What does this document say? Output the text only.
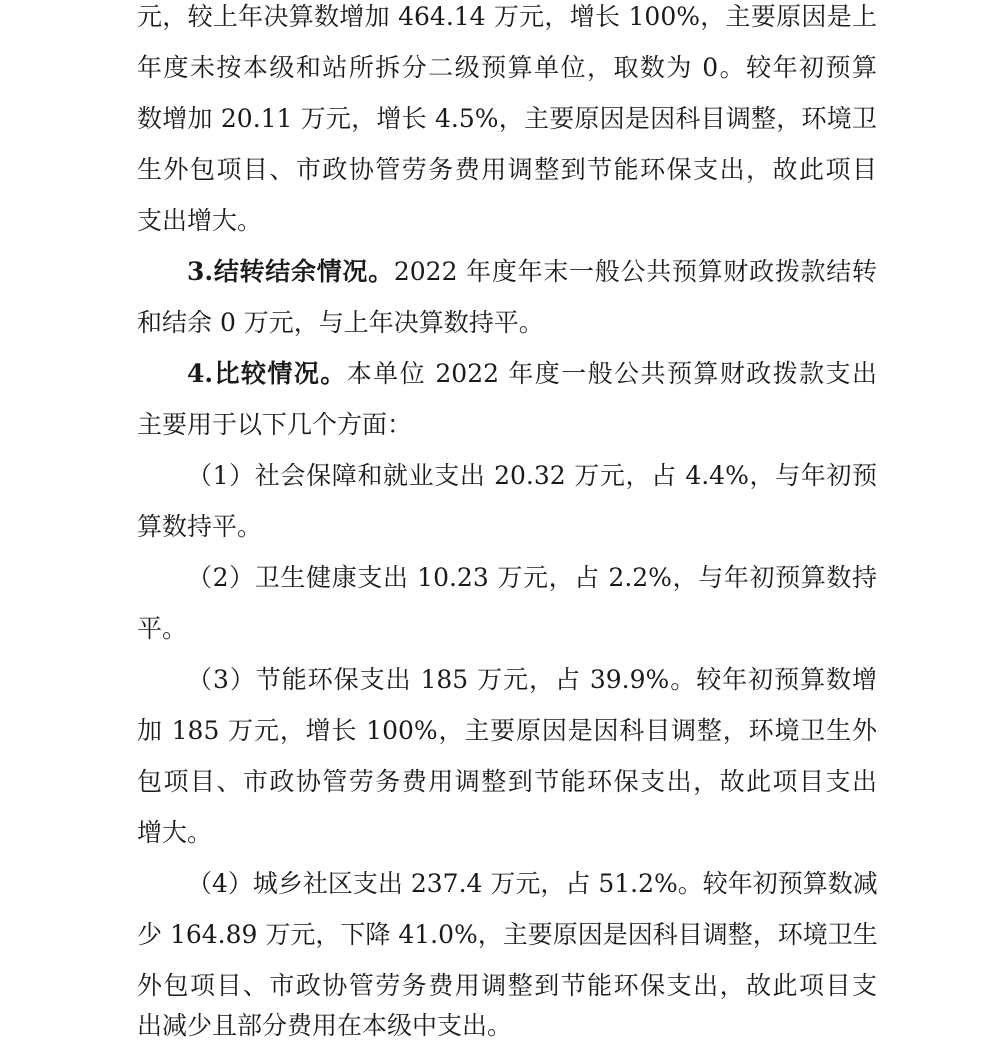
元，较上年决算数增加 464.14 万元，增长 100%，主要原因是上
年度未按本级和站所拆分二级预算单位，取数为 0。较年初预算
数增加 20.11 万元，增长 4.5%，主要原因是因科目调整，环境卫
生外包项目、市政协管劳务费用调整到节能环保支出，故此项目
支出增大。
3.结转结余情况。2022 年度年末一般公共预算财政拨款结转
和结余 0 万元，与上年决算数持平。
4.比较情况。本单位 2022 年度一般公共预算财政拨款支出
主要用于以下几个方面：
（1）社会保障和就业支出 20.32 万元，占 4.4%，与年初预
算数持平。
（2）卫生健康支出 10.23 万元，占 2.2%，与年初预算数持
平。
（3）节能环保支出 185 万元，占 39.9%。较年初预算数增
加 185 万元，增长 100%，主要原因是因科目调整，环境卫生外
包项目、市政协管劳务费用调整到节能环保支出，故此项目支出
增大。
（4）城乡社区支出 237.4 万元，占 51.2%。较年初预算数减
少 164.89 万元，下降 41.0%，主要原因是因科目调整，环境卫生
外包项目、市政协管劳务费用调整到节能环保支出，故此项目支
出减少且部分费用在本级中支出。
